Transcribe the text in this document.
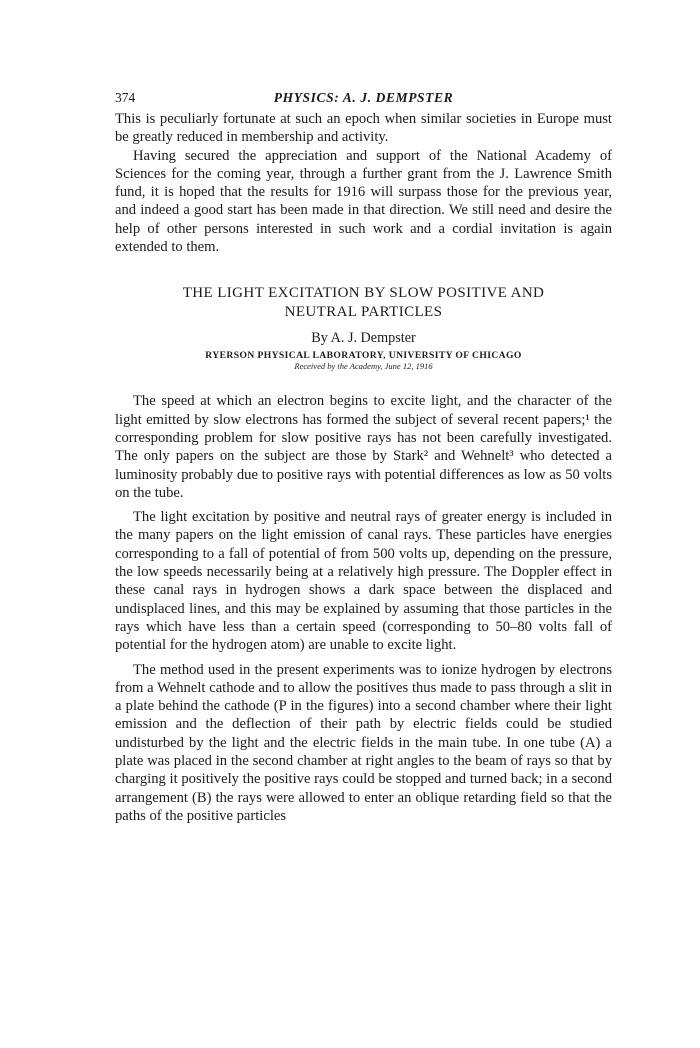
374	PHYSICS: A. J. DEMPSTER

This is peculiarly fortunate at such an epoch when similar societies in Europe must be greatly reduced in membership and activity.

Having secured the appreciation and support of the National Academy of Sciences for the coming year, through a further grant from the J. Lawrence Smith fund, it is hoped that the results for 1916 will surpass those for the previous year, and indeed a good start has been made in that direction. We still need and desire the help of other persons interested in such work and a cordial invitation is again extended to them.

THE LIGHT EXCITATION BY SLOW POSITIVE AND
NEUTRAL PARTICLES
By A. J. Dempster
RYERSON PHYSICAL LABORATORY, UNIVERSITY OF CHICAGO
Received by the Academy, June 12, 1916

The speed at which an electron begins to excite light, and the character of the light emitted by slow electrons has formed the subject of several recent papers;¹ the corresponding problem for slow positive rays has not been carefully investigated. The only papers on the subject are those by Stark² and Wehnelt³ who detected a luminosity probably due to positive rays with potential differences as low as 50 volts on the tube.

The light excitation by positive and neutral rays of greater energy is included in the many papers on the light emission of canal rays. These particles have energies corresponding to a fall of potential of from 500 volts up, depending on the pressure, the low speeds necessarily being at a relatively high pressure. The Doppler effect in these canal rays in hydrogen shows a dark space between the displaced and undisplaced lines, and this may be explained by assuming that those particles in the rays which have less than a certain speed (corresponding to 50–80 volts fall of potential for the hydrogen atom) are unable to excite light.

The method used in the present experiments was to ionize hydrogen by electrons from a Wehnelt cathode and to allow the positives thus made to pass through a slit in a plate behind the cathode (P in the figures) into a second chamber where their light emission and the deflection of their path by electric fields could be studied undisturbed by the light and the electric fields in the main tube. In one tube (A) a plate was placed in the second chamber at right angles to the beam of rays so that by charging it positively the positive rays could be stopped and turned back; in a second arrangement (B) the rays were allowed to enter an oblique retarding field so that the paths of the positive particles
